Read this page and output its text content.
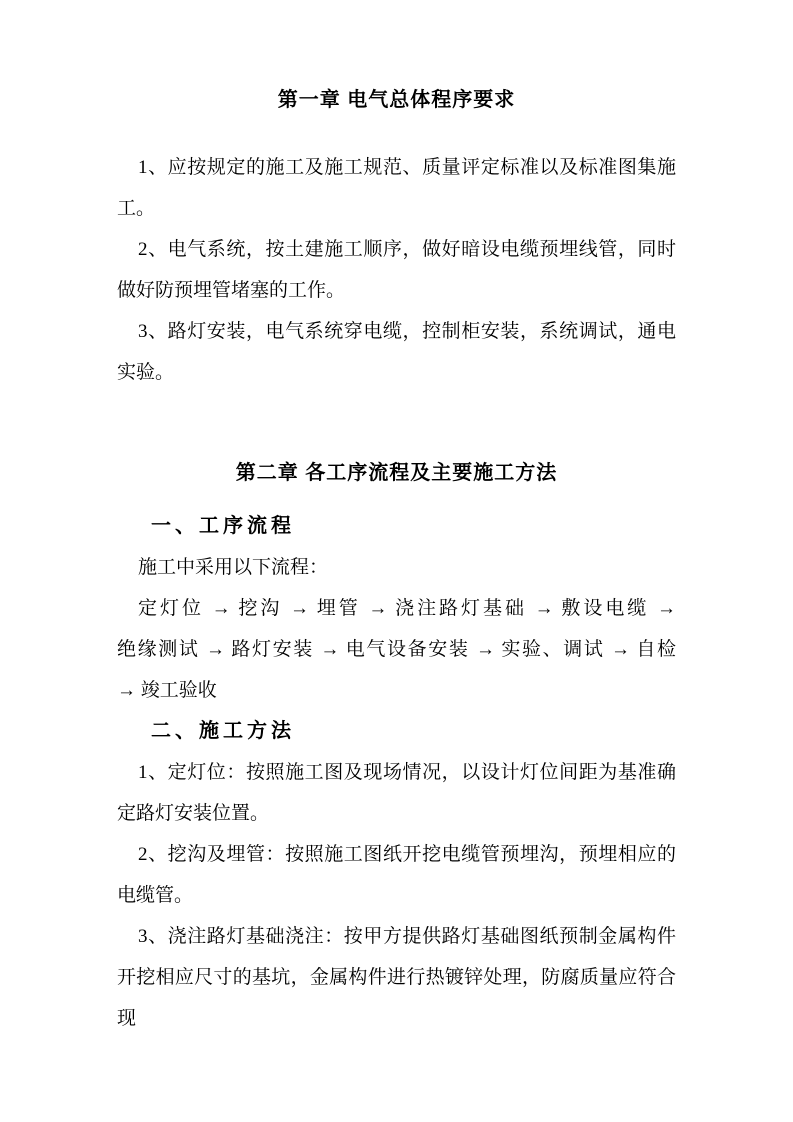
第一章 电气总体程序要求
1、应按规定的施工及施工规范、质量评定标准以及标准图集施
工。
2、电气系统，按土建施工顺序，做好暗设电缆预埋线管，同时
做好防预埋管堵塞的工作。
3、路灯安装，电气系统穿电缆，控制柜安装，系统调试，通电
实验。
第二章 各工序流程及主要施工方法
一、工序流程
施工中采用以下流程：
定灯位 → 挖沟 → 埋管 → 浇注路灯基础 → 敷设电缆 →
绝缘测试 → 路灯安装 → 电气设备安装 → 实验、调试 → 自检
→ 竣工验收
二、施工方法
1、定灯位：按照施工图及现场情况，以设计灯位间距为基准确
定路灯安装位置。
2、挖沟及埋管：按照施工图纸开挖电缆管预埋沟，预埋相应的
电缆管。
3、浇注路灯基础浇注：按甲方提供路灯基础图纸预制金属构件
开挖相应尺寸的基坑，金属构件进行热镀锌处理，防腐质量应符合现
